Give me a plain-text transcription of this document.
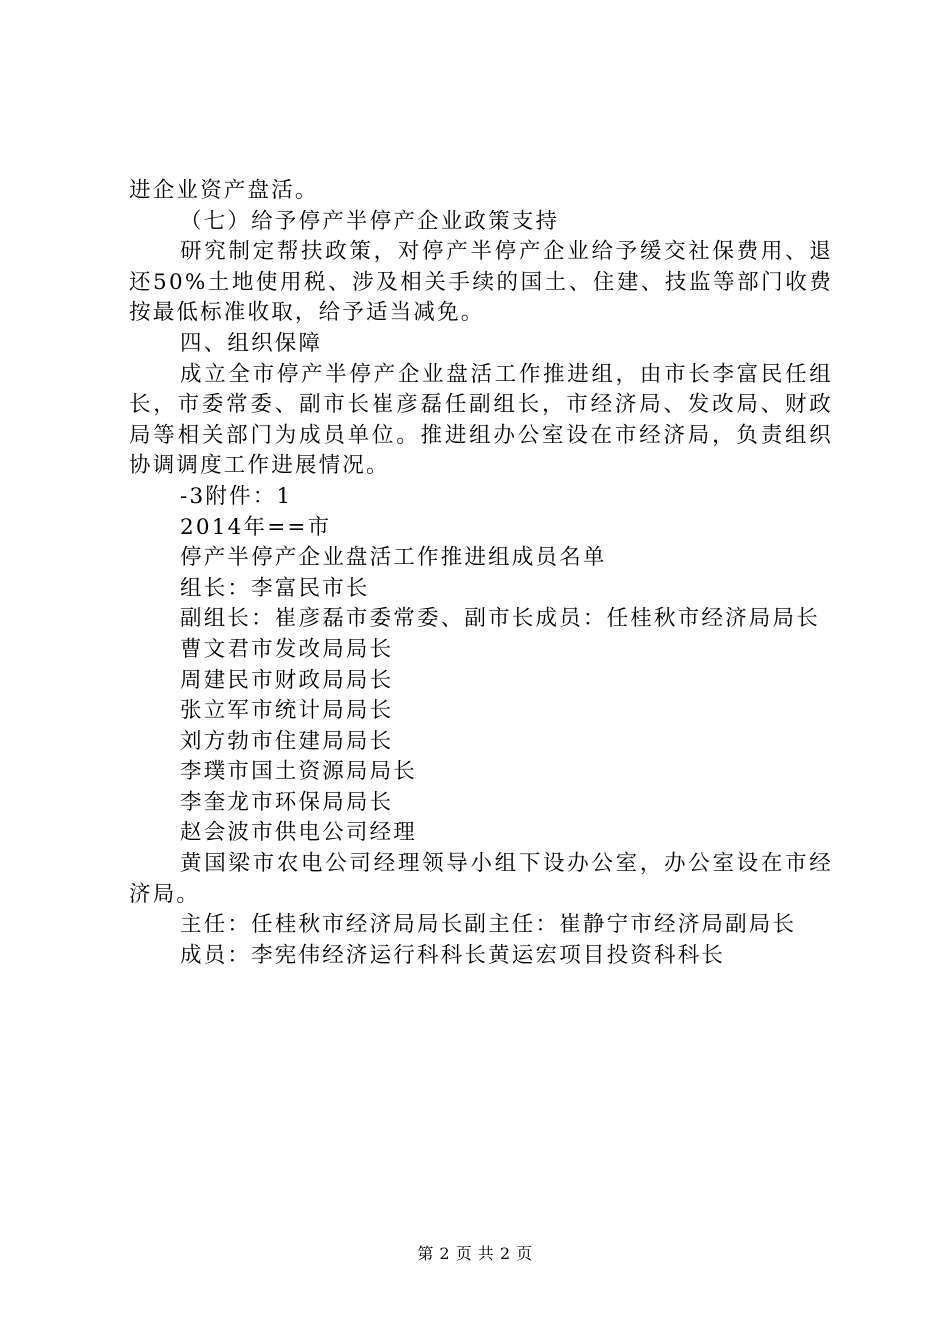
进企业资产盘活。

（七）给予停产半停产企业政策支持

研究制定帮扶政策，对停产半停产企业给予缓交社保费用、退还50%土地使用税、涉及相关手续的国土、住建、技监等部门收费按最低标准收取，给予适当减免。

四、组织保障

成立全市停产半停产企业盘活工作推进组，由市长李富民任组长，市委常委、副市长崔彦磊任副组长，市经济局、发改局、财政局等相关部门为成员单位。推进组办公室设在市经济局，负责组织协调调度工作进展情况。

-3附件：1

2014年==市

停产半停产企业盘活工作推进组成员名单

组长：李富民市长

副组长：崔彦磊市委常委、副市长成员：任桂秋市经济局局长

曹文君市发改局局长

周建民市财政局局长

张立军市统计局局长

刘方勃市住建局局长

李璞市国土资源局局长

李奎龙市环保局局长

赵会波市供电公司经理

黄国梁市农电公司经理领导小组下设办公室，办公室设在市经济局。

主任：任桂秋市经济局局长副主任：崔静宁市经济局副局长

成员：李宪伟经济运行科科长黄运宏项目投资科科长

第 2 页 共 2 页
